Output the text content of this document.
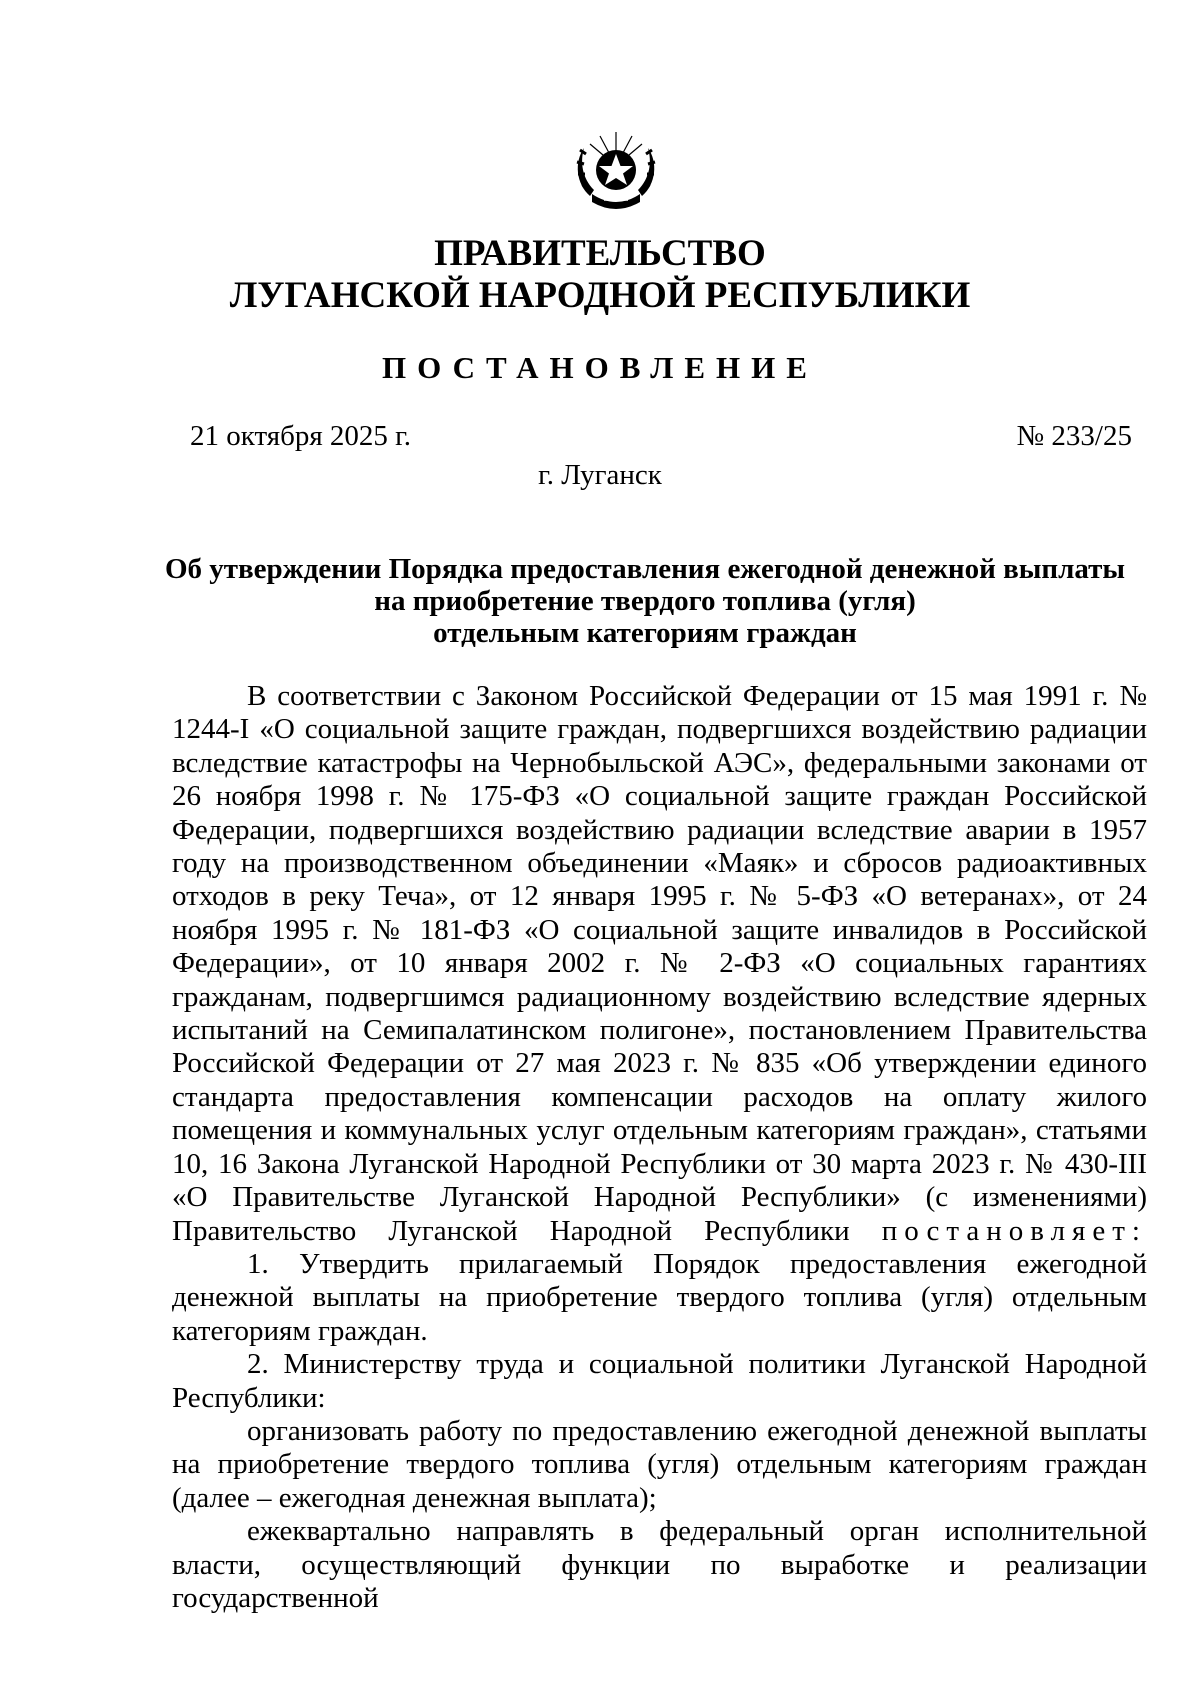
ПРАВИТЕЛЬСТВО
ЛУГАНСКОЙ НАРОДНОЙ РЕСПУБЛИКИ
ПОСТАНОВЛЕНИЕ
21 октября 2025 г.	№ 233/25
г. Луганск
Об утверждении Порядка предоставления ежегодной денежной выплаты
на приобретение твердого топлива (угля)
отдельным категориям граждан

В соответствии с Законом Российской Федерации от 15 мая 1991 г. № 1244-I «О социальной защите граждан, подвергшихся воздействию радиации вследствие катастрофы на Чернобыльской АЭС», федеральными законами от 26 ноября 1998 г. № 175-ФЗ «О социальной защите граждан Российской Федерации, подвергшихся воздействию радиации вследствие аварии в 1957 году на производственном объединении «Маяк» и сбросов радиоактивных отходов в реку Теча», от 12 января 1995 г. № 5-ФЗ «О ветеранах», от 24 ноября 1995 г. № 181-ФЗ «О социальной защите инвалидов в Российской Федерации», от 10 января 2002 г. № 2-ФЗ «О социальных гарантиях гражданам, подвергшимся радиационному воздействию вследствие ядерных испытаний на Семипалатинском полигоне», постановлением Правительства Российской Федерации от 27 мая 2023 г. № 835 «Об утверждении единого стандарта предоставления компенсации расходов на оплату жилого помещения и коммунальных услуг отдельным категориям граждан», статьями 10, 16 Закона Луганской Народной Республики от 30 марта 2023 г. № 430-III «О Правительстве Луганской Народной Республики» (с изменениями) Правительство Луганской Народной Республики постановляет:

1. Утвердить прилагаемый Порядок предоставления ежегодной денежной выплаты на приобретение твердого топлива (угля) отдельным категориям граждан.

2. Министерству труда и социальной политики Луганской Народной Республики:

организовать работу по предоставлению ежегодной денежной выплаты на приобретение твердого топлива (угля) отдельным категориям граждан (далее – ежегодная денежная выплата);

ежеквартально направлять в федеральный орган исполнительной власти, осуществляющий функции по выработке и реализации государственной
